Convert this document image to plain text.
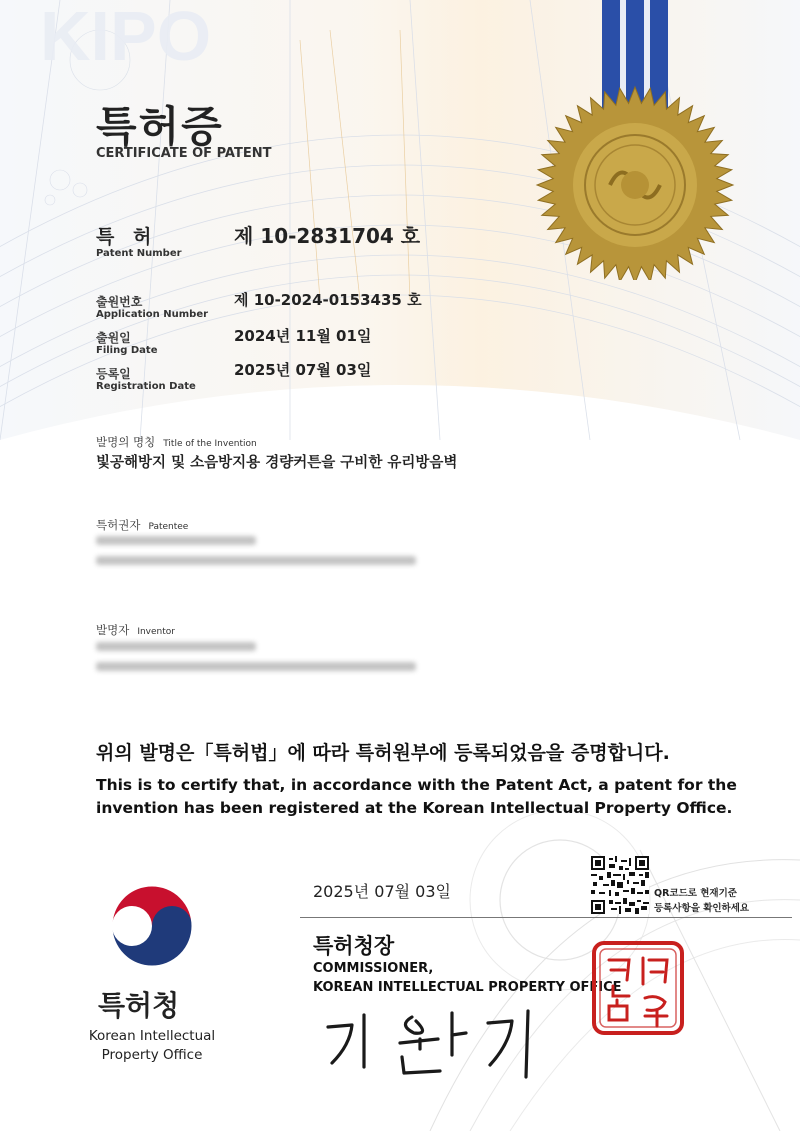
KIPO
특허증
CERTIFICATE OF PATENT
특 허
Patent Number
제 10-2831704 호
출원번호
Application Number
제 10-2024-0153435 호
출원일
Filing Date
2024년 11월 01일
등록일
Registration Date
2025년 07월 03일
발명의 명칭 Title of the Invention
빛공해방지 및 소음방지용 경량커튼을 구비한 유리방음벽
특허권자 Patentee
발명자 Inventor
위의 발명은「특허법」에 따라 특허원부에 등록되었음을 증명합니다.
This is to certify that, in accordance with the Patent Act, a patent for the
invention has been registered at the Korean Intellectual Property Office.
2025년 07월 03일	QR코드로 현재기준
등록사항을 확인하세요
특허청장
COMMISSIONER,
KOREAN INTELLECTUAL PROPERTY OFFICE
특허청
Korean Intellectual
Property Office
